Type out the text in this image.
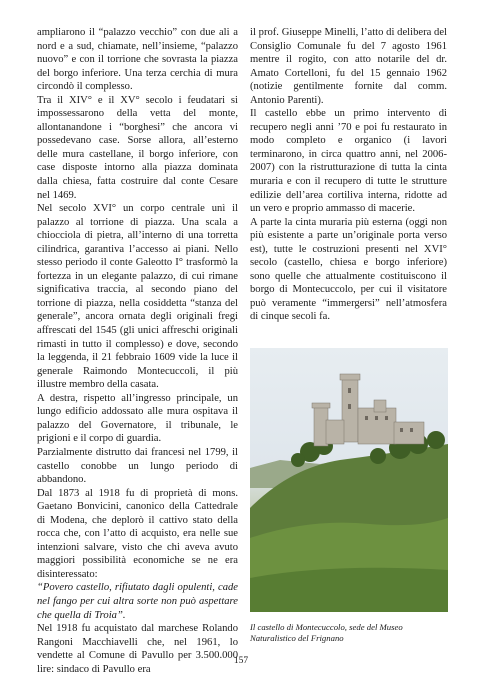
ampliarono il “palazzo vecchio” con due ali a nord e a sud, chiamate, nell’insieme, “palazzo nuovo” e con il torrione che sovrasta la piazza del borgo inferiore. Una terza cerchia di mura circondò il complesso.

Tra il XIV° e il XV° secolo i feudatari si impossessarono della vetta del monte, allontanandone i “borghesi” che ancora vi possedevano case. Sorse allora, all’esterno delle mura castellane, il borgo inferiore, con case disposte intorno alla piazza dominata dalla chiesa, fatta costruire dal conte Cesare nel 1469.

Nel secolo XVI° un corpo centrale unì il palazzo al torrione di piazza. Una scala a chiocciola di pietra, all’interno di una torretta cilindrica, garantiva l’accesso ai piani. Nello stesso periodo il conte Galeotto I° trasformò la fortezza in un elegante palazzo, di cui rimane significativa traccia, al secondo piano del torrione di piazza, nella cosiddetta “stanza del generale”, ancora ornata degli originali fregi affrescati del 1545 (gli unici affreschi originali rimasti in tutto il complesso) e dove, secondo la leggenda, il 21 febbraio 1609 vide la luce il generale Raimondo Montecuccoli, il più illustre membro della casata.

A destra, rispetto all’ingresso principale, un lungo edificio addossato alle mura ospitava il palazzo del Governatore, il tribunale, le prigioni e il corpo di guardia.

Parzialmente distrutto dai francesi nel 1799, il castello conobbe un lungo periodo di abbandono.

Dal 1873 al 1918 fu di proprietà di mons. Gaetano Bonvicini, canonico della Cattedrale di Modena, che deplorò il cattivo stato della rocca che, con l’atto di acquisto, era nelle sue intenzioni salvare, visto che chi aveva avuto maggiori possibilità economiche se ne era disinteressato:

“Povero castello, rifiutato dagli opulenti, cade nel fango per cui altra sorte non può aspettare che quella di Troia”.

Nel 1918 fu acquistato dal marchese Rolando Rangoni Macchiavelli che, nel 1961, lo vendette al Comune di Pavullo per 3.500.000 lire: sindaco di Pavullo era

il prof. Giuseppe Minelli, l’atto di delibera del Consiglio Comunale fu del 7 agosto 1961 mentre il rogito, con atto notarile del dr. Amato Cortelloni, fu del 15 gennaio 1962 (notizie gentilmente fornite dal comm. Antonio Parenti).

Il castello ebbe un primo intervento di recupero negli anni ’70 e poi fu restaurato in modo completo e organico (i lavori terminarono, in circa quattro anni, nel 2006-2007) con la ristrutturazione di tutta la cinta muraria e con il recupero di tutte le strutture edilizie dell’area cortiliva interna, ridotte ad un vero e proprio ammasso di macerie.

A parte la cinta muraria più esterna (oggi non più esistente a parte un’originale porta verso est), tutte le costruzioni presenti nel XVI° secolo (castello, chiesa e borgo inferiore) sono quelle che attualmente costituiscono il borgo di Montecuccolo, per cui il visitatore può veramente “immergersi” nell’atmosfera di cinque secoli fa.

Il castello di Montecuccolo, sede del Museo Naturalistico del Frignano
157
